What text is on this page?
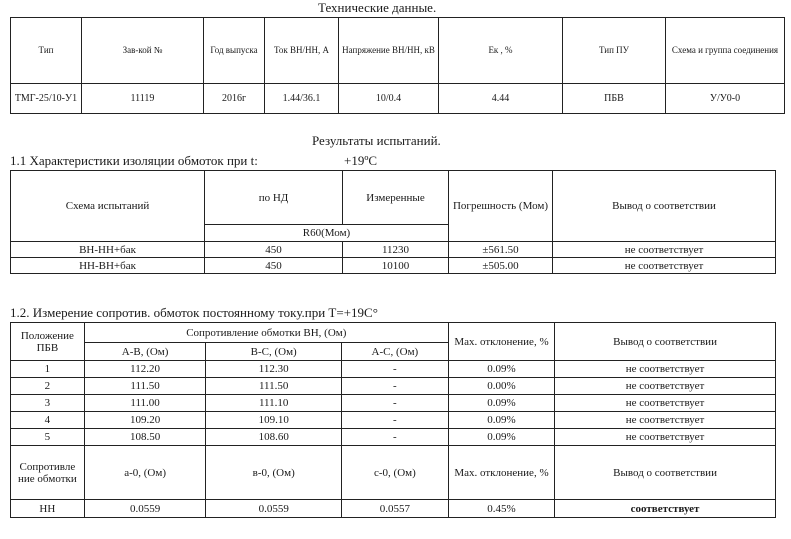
Технические данные.
Тип	Зав-кой №	Год выпуска	Ток ВН/НН, А	Напряжение ВН/НН, кВ	Ек , %	Тип ПУ	Схема и группа соединения
ТМГ-25/10-У1	11119	2016г	1.44/36.1	10/0.4	4.44	ПБВ	У/У0-0
Результаты испытаний.
1.1 Характеристики изоляции обмоток при t:	+19ºC
Схема испытаний	по НД	Измеренные	Погрешность (Мом)	Вывод о соответствии
	R60(Мом)			
ВН-НН+бак	450	11230	±561.50	не соответствует
НН-ВН+бак	450	10100	±505.00	не соответствует
1.2. Измерение сопротив. обмоток постоянному току.при Т=+19С°
Положение ПБВ	Сопротивление обмотки ВН, (Ом)			Max. отклонение, %	Вывод о соответствии
	А-В, (Ом)	В-С, (Ом)	А-С, (Ом)		
1	112.20	112.30	-	0.09%	не соответствует
2	111.50	111.50	-	0.00%	не соответствует
3	111.00	111.10	-	0.09%	не соответствует
4	109.20	109.10	-	0.09%	не соответствует
5	108.50	108.60	-	0.09%	не соответствует
Сопротивле ние обмотки	а-0, (Ом)	в-0, (Ом)	с-0, (Ом)	Max. отклонение, %	Вывод о соответствии
НН	0.0559	0.0559	0.0557	0.45%	соответствует
